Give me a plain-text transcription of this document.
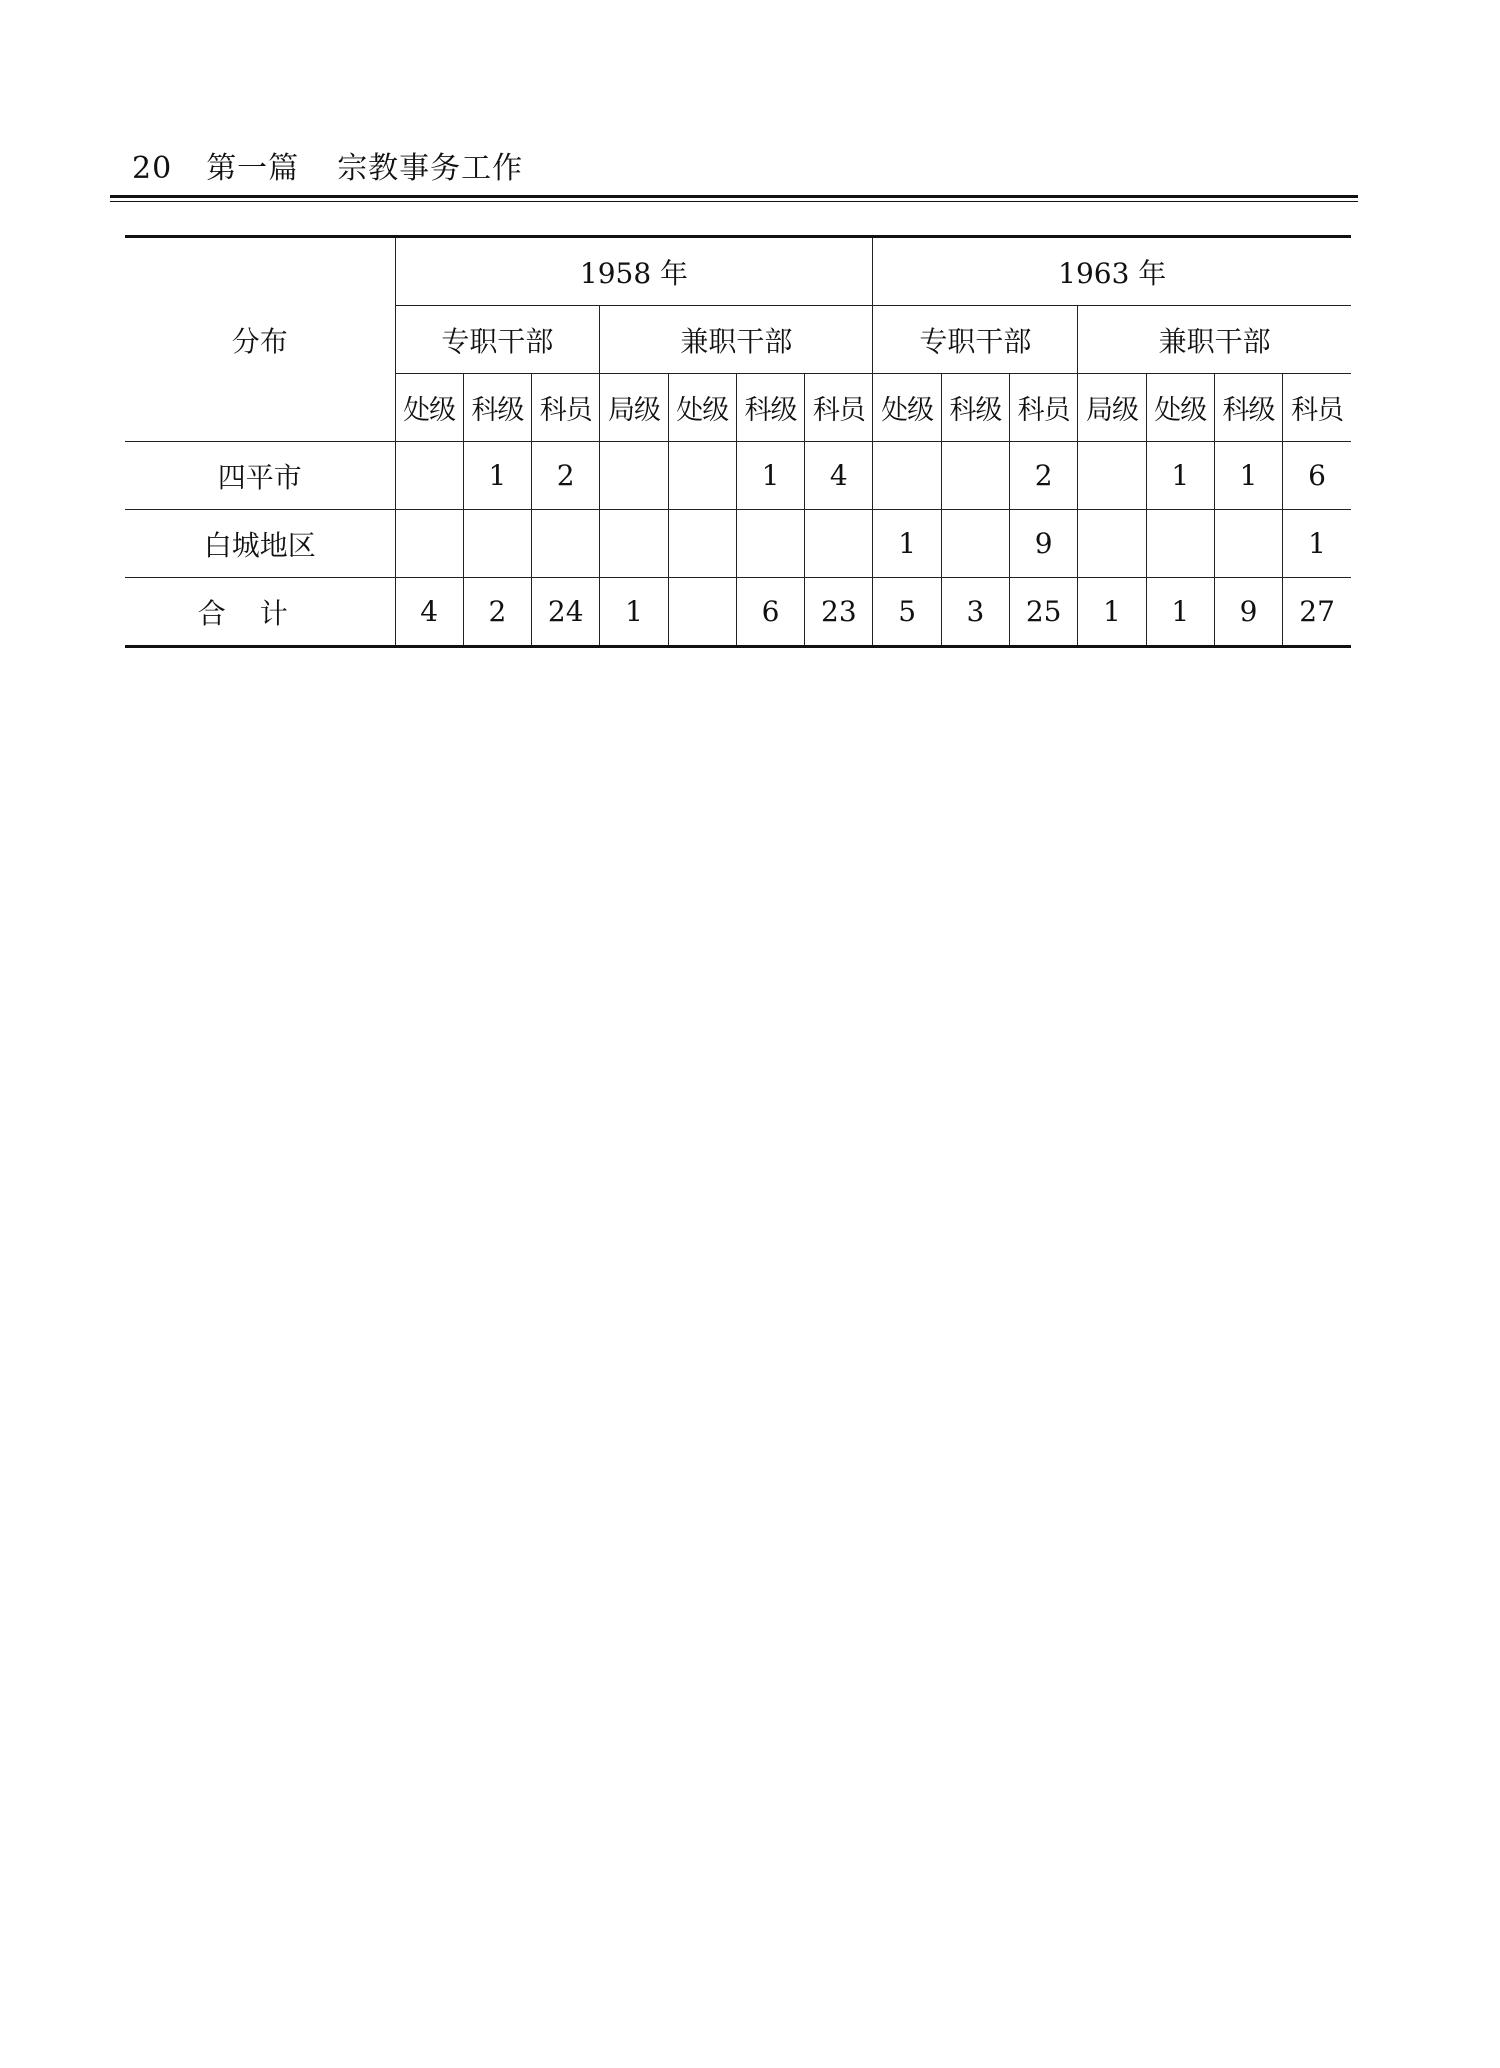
20 第一篇 宗教事务工作
分布	1958 年							1963 年						
	专职干部			兼职干部				专职干部			兼职干部			
	处级	科级	科员	局级	处级	科级	科员	处级	科级	科员	局级	处级	科级	科员
四平市		1	2			1	4			2		1	1	6
白城地区								1		9				1
合计	4	2	24	1		6	23	5	3	25	1	1	9	27
